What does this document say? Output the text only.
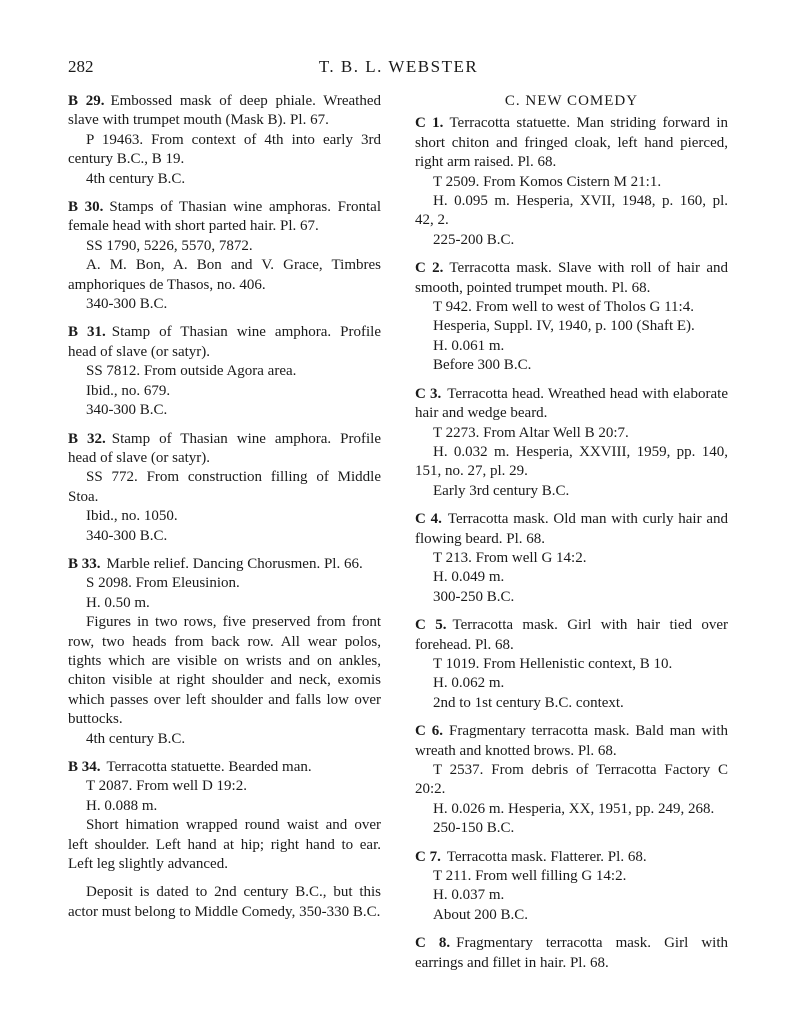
282	T. B. L. WEBSTER

B 29. Embossed mask of deep phiale. Wreathed slave with trumpet mouth (Mask B). Pl. 67.

P 19463. From context of 4th into early 3rd century B.C., B 19.

4th century B.C.

B 30. Stamps of Thasian wine amphoras. Frontal female head with short parted hair. Pl. 67.

SS 1790, 5226, 5570, 7872.

A. M. Bon, A. Bon and V. Grace, Timbres amphoriques de Thasos, no. 406.

340-300 B.C.

B 31. Stamp of Thasian wine amphora. Profile head of slave (or satyr).

SS 7812. From outside Agora area.

Ibid., no. 679.

340-300 B.C.

B 32. Stamp of Thasian wine amphora. Profile head of slave (or satyr).

SS 772. From construction filling of Middle Stoa.

Ibid., no. 1050.

340-300 B.C.

B 33. Marble relief. Dancing Chorusmen. Pl. 66.

S 2098. From Eleusinion.

H. 0.50 m.

Figures in two rows, five preserved from front row, two heads from back row. All wear polos, tights which are visible on wrists and on ankles, chiton visible at right shoulder and neck, exomis which passes over left shoulder and falls low over buttocks.

4th century B.C.

B 34. Terracotta statuette. Bearded man.

T 2087. From well D 19:2.

H. 0.088 m.

Short himation wrapped round waist and over left shoulder. Left hand at hip; right hand to ear. Left leg slightly advanced.

Deposit is dated to 2nd century B.C., but this actor must belong to Middle Comedy, 350-330 B.C.

C. NEW COMEDY

C 1. Terracotta statuette. Man striding forward in short chiton and fringed cloak, left hand pierced, right arm raised. Pl. 68.

T 2509. From Komos Cistern M 21:1.

H. 0.095 m. Hesperia, XVII, 1948, p. 160, pl. 42, 2.

225-200 B.C.

C 2. Terracotta mask. Slave with roll of hair and smooth, pointed trumpet mouth. Pl. 68.

T 942. From well to west of Tholos G 11:4.

Hesperia, Suppl. IV, 1940, p. 100 (Shaft E).

H. 0.061 m.

Before 300 B.C.

C 3. Terracotta head. Wreathed head with elaborate hair and wedge beard.

T 2273. From Altar Well B 20:7.

H. 0.032 m. Hesperia, XXVIII, 1959, pp. 140, 151, no. 27, pl. 29.

Early 3rd century B.C.

C 4. Terracotta mask. Old man with curly hair and flowing beard. Pl. 68.

T 213. From well G 14:2.

H. 0.049 m.

300-250 B.C.

C 5. Terracotta mask. Girl with hair tied over forehead. Pl. 68.

T 1019. From Hellenistic context, B 10.

H. 0.062 m.

2nd to 1st century B.C. context.

C 6. Fragmentary terracotta mask. Bald man with wreath and knotted brows. Pl. 68.

T 2537. From debris of Terracotta Factory C 20:2.

H. 0.026 m. Hesperia, XX, 1951, pp. 249, 268.

250-150 B.C.

C 7. Terracotta mask. Flatterer. Pl. 68.

T 211. From well filling G 14:2.

H. 0.037 m.

About 200 B.C.

C 8. Fragmentary terracotta mask. Girl with earrings and fillet in hair. Pl. 68.
